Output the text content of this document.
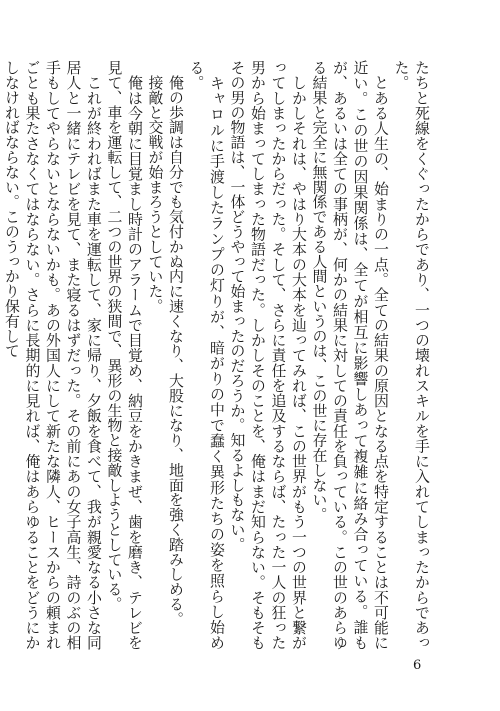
たちと死線をくぐったからであり、一つの壊れスキルを手に入れてしまったからであった。

　とある人生の、始まりの一点。全ての結果の原因となる点を特定することは不可能に近い。この世の因果関係は、全てが相互に影響しあって複雑に絡み合っている。誰もが、あるいは全ての事柄が、何かの結果に対しての責任を負っている。この世のあらゆる結果と完全に無関係である人間というのは、この世に存在しない。

　しかしそれは、やはり大本の大本を辿ってみれば、この世界がもう一つの世界と繋がってしまったからだった。そして、さらに責任を追及するならば、たった一人の狂った男から始まってしまった物語だった。しかしそのことを、俺はまだ知らない。そもそもその男の物語は、一体どうやって始まったのだろうか。知るよしもない。

　キャロルに手渡したランプの灯りが、暗がりの中で蠢く異形たちの姿を照らし始める。

　俺の歩調は自分でも気付かぬ内に速くなり、大股になり、地面を強く踏みしめる。

　接敵と交戦が始まろうとしていた。

　俺は今朝に目覚まし時計のアラームで目覚め、納豆をかきまぜ、歯を磨き、テレビを見て、車を運転して、二つの世界の狭間で、異形の生物と接敵しようとしている。

　これが終わればまた車を運転して、家に帰り、夕飯を食べて、我が親愛なる小さな同居人と一緒にテレビを見て、また寝るはずだった。その前にあの女子高生、詩のぶの相手もしてやらないとならないかも。あの外国人にして新たな隣人、ヒースからの頼まれごとも果たさなくてはならない。さらに長期的に見れば、俺はあらゆることをどうにかしなければならない。このうっかり保有して

6
